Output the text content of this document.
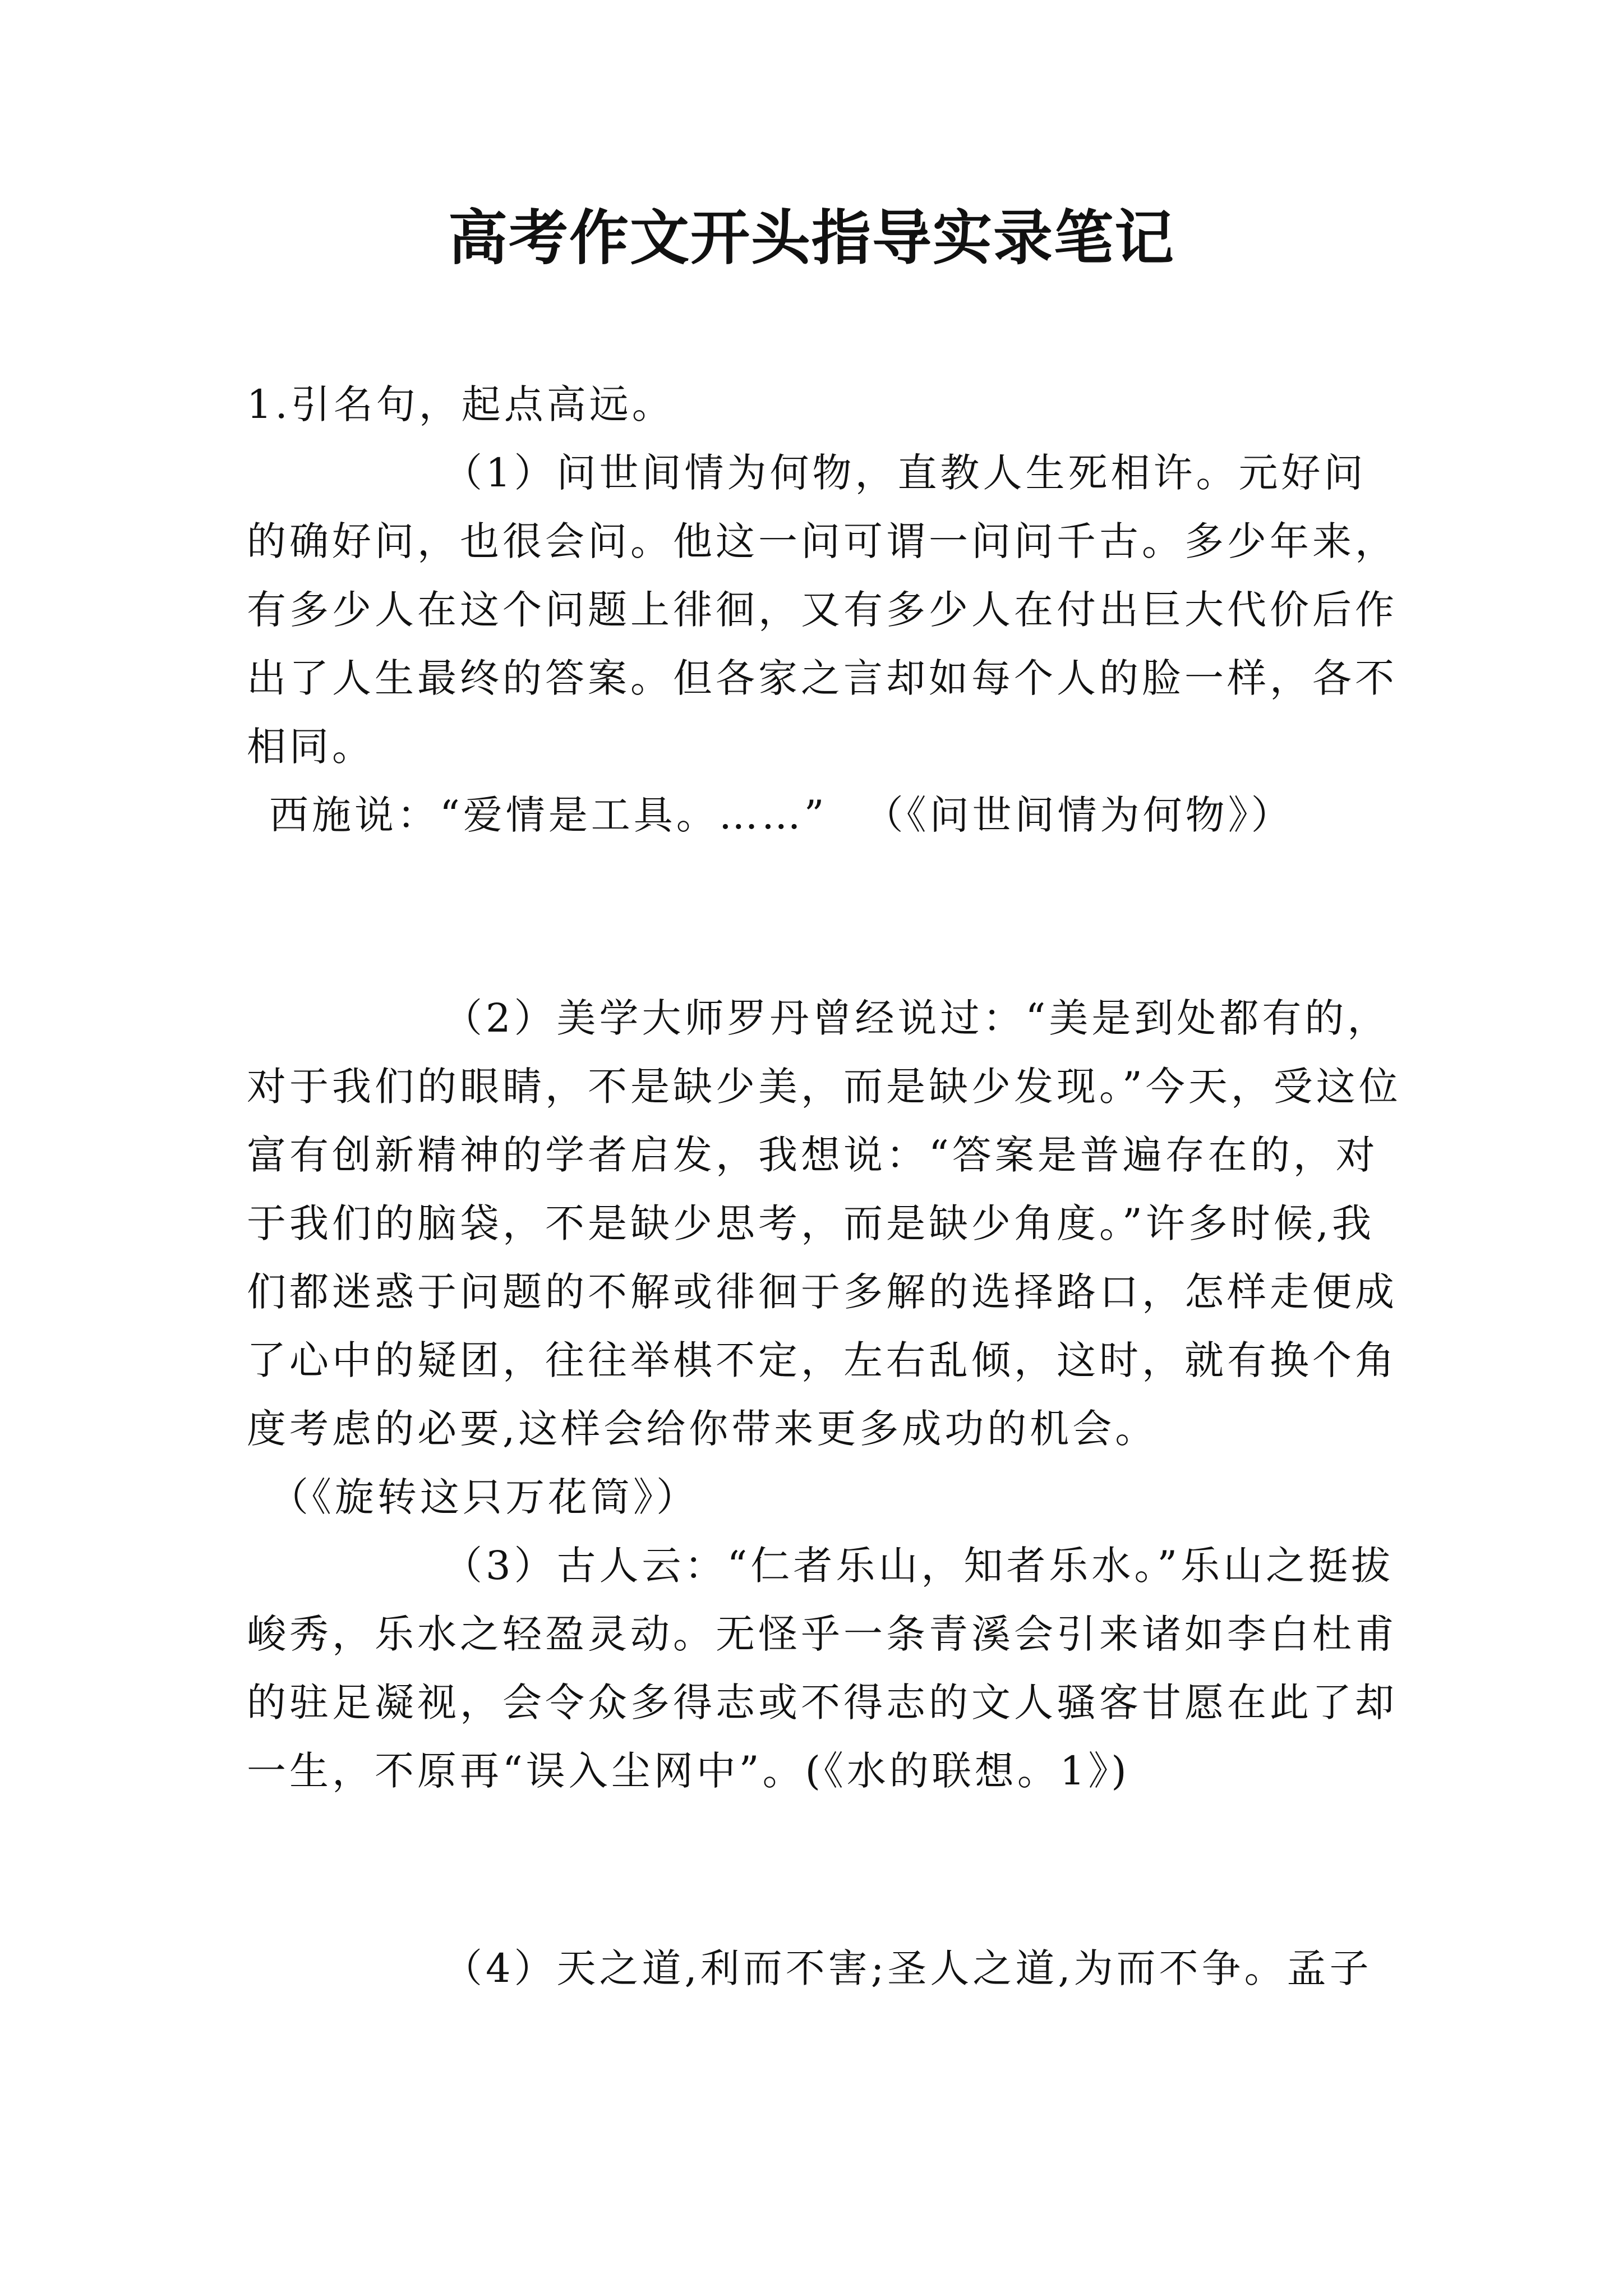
高考作文开头指导实录笔记

1.引名句，起点高远。

（1）问世间情为何物，直教人生死相许。元好问的确好问，也很会问。他这一问可谓一问问千古。多少年来，有多少人在这个问题上徘徊，又有多少人在付出巨大代价后作出了人生最终的答案。但各家之言却如每个人的脸一样，各不相同。

西施说：“爱情是工具。……” （《问世间情为何物》）

（2）美学大师罗丹曾经说过：“美是到处都有的，对于我们的眼睛，不是缺少美，而是缺少发现。”今天，受这位富有创新精神的学者启发，我想说：“答案是普遍存在的，对于我们的脑袋，不是缺少思考，而是缺少角度。”许多时候,我们都迷惑于问题的不解或徘徊于多解的选择路口，怎样走便成了心中的疑团，往往举棋不定，左右乱倾，这时，就有换个角度考虑的必要,这样会给你带来更多成功的机会。

（《旋转这只万花筒》）

（3）古人云：“仁者乐山，知者乐水。”乐山之挺拔峻秀，乐水之轻盈灵动。无怪乎一条青溪会引来诸如李白杜甫的驻足凝视，会令众多得志或不得志的文人骚客甘愿在此了却一生，不原再“误入尘网中”。(《水的联想。1》)

（4）天之道,利而不害;圣人之道,为而不争。孟子
